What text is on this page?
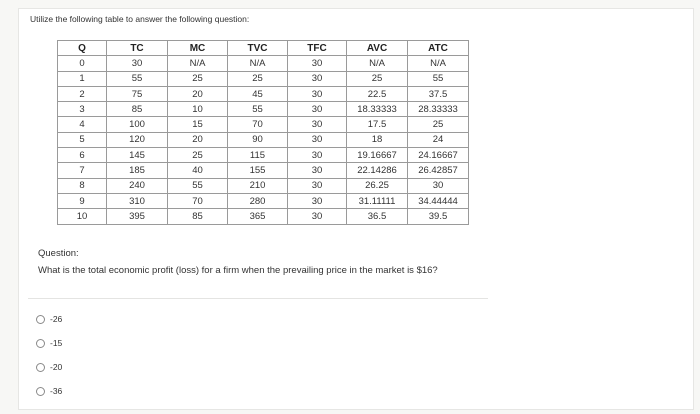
Utilize the following table to answer the following question:
Q	TC	MC	TVC	TFC	AVC	ATC
0	30	N/A	N/A	30	N/A	N/A
1	55	25	25	30	25	55
2	75	20	45	30	22.5	37.5
3	85	10	55	30	18.33333	28.33333
4	100	15	70	30	17.5	25
5	120	20	90	30	18	24
6	145	25	115	30	19.16667	24.16667
7	185	40	155	30	22.14286	26.42857
8	240	55	210	30	26.25	30
9	310	70	280	30	31.11111	34.44444
10	395	85	365	30	36.5	39.5
Question:
What is the total economic profit (loss) for a firm when the prevailing price in the market is $16?
-26
-15
-20
-36
